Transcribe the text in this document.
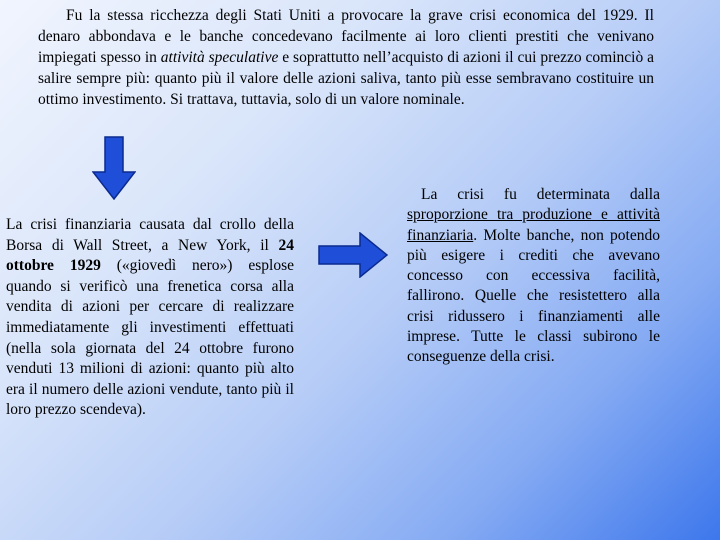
Fu la stessa ricchezza degli Stati Uniti a provocare la grave crisi economica del 1929. Il denaro abbondava e le banche concedevano facilmente ai loro clienti prestiti che venivano impiegati spesso in attività speculative e soprattutto nell’acquisto di azioni il cui prezzo cominciò a salire sempre più: quanto più il valore delle azioni saliva, tanto più esse sembravano costituire un ottimo investimento. Si trattava, tuttavia, solo di un valore nominale.

La crisi finanziaria causata dal crollo della Borsa di Wall Street, a New York, il 24 ottobre 1929 («giovedì nero») esplose quando si verificò una frenetica corsa alla vendita di azioni per cercare di realizzare immediatamente gli investimenti effettuati (nella sola giornata del 24 ottobre furono venduti 13 milioni di azioni: quanto più alto era il numero delle azioni vendute, tanto più il loro prezzo scendeva).

La crisi fu determinata dalla sproporzione tra produzione e attività finanziaria. Molte banche, non potendo più esigere i crediti che avevano concesso con eccessiva facilità, fallirono. Quelle che resistettero alla crisi ridussero i finanziamenti alle imprese. Tutte le classi subirono le conseguenze della crisi.
